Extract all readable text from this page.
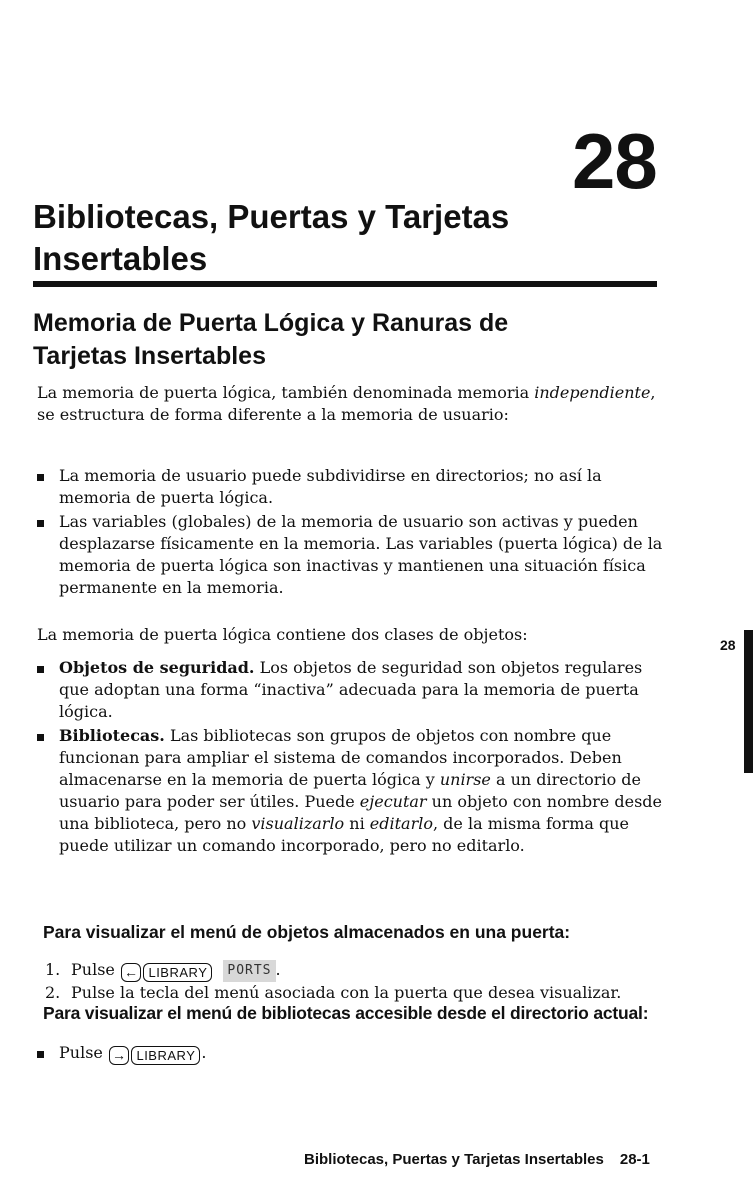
28
Bibliotecas, Puertas y Tarjetas
Insertables
Memoria de Puerta Lógica y Ranuras de
Tarjetas Insertables

La memoria de puerta lógica, también denominada memoria independiente, se estructura de forma diferente a la memoria de usuario:

La memoria de usuario puede subdividirse en directorios; no así la memoria de puerta lógica.
Las variables (globales) de la memoria de usuario son activas y pueden desplazarse físicamente en la memoria. Las variables (puerta lógica) de la memoria de puerta lógica son inactivas y mantienen una situación física permanente en la memoria.

La memoria de puerta lógica contiene dos clases de objetos:

Objetos de seguridad. Los objetos de seguridad son objetos regulares que adoptan una forma “inactiva” adecuada para la memoria de puerta lógica.
Bibliotecas. Las bibliotecas son grupos de objetos con nombre que funcionan para ampliar el sistema de comandos incorporados. Deben almacenarse en la memoria de puerta lógica y unirse a un directorio de usuario para poder ser útiles. Puede ejecutar un objeto con nombre desde una biblioteca, pero no visualizarlo ni editarlo, de la misma forma que puede utilizar un comando incorporado, pero no editarlo.
Para visualizar el menú de objetos almacenados en una puerta:
1. Pulse ← LIBRARY PORTS .
2. Pulse la tecla del menú asociada con la puerta que desea visualizar.
Para visualizar el menú de bibliotecas accesible desde el directorio actual:
Pulse → LIBRARY .
28
Bibliotecas, Puertas y Tarjetas Insertables 28-1
